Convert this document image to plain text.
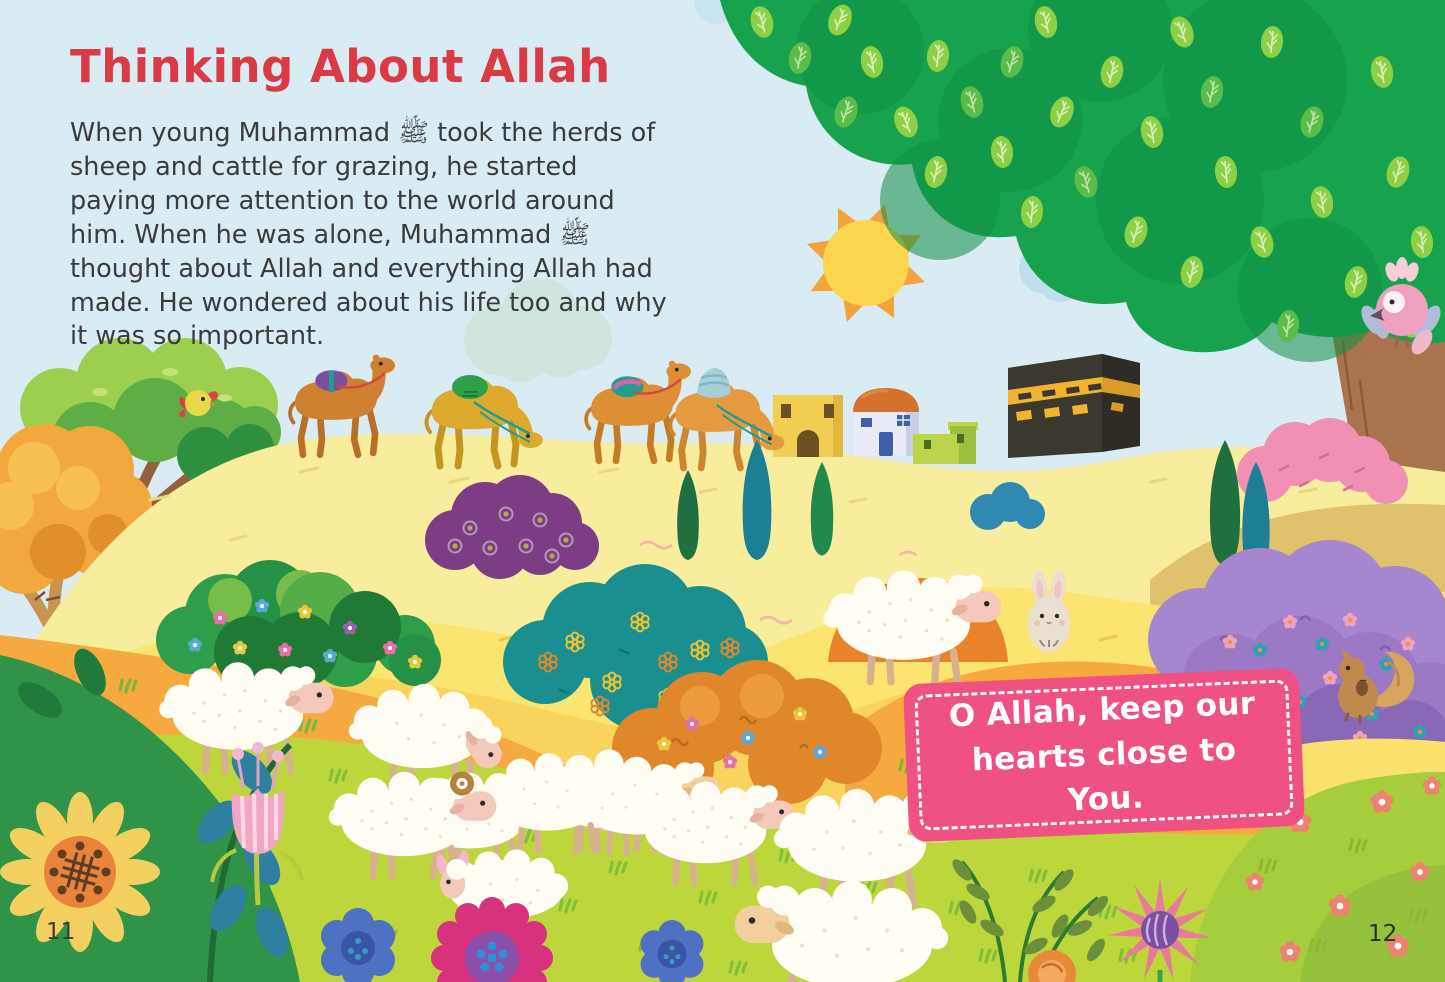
Thinking About Allah

When young Muhammad ﷺ took the herds of sheep and cattle for grazing, he started paying more attention to the world around him. When he was alone, Muhammad ﷺ thought about Allah and everything Allah had made. He wondered about his life too and why it was so important.

O Allah, keep our hearts close to You.
11	12
